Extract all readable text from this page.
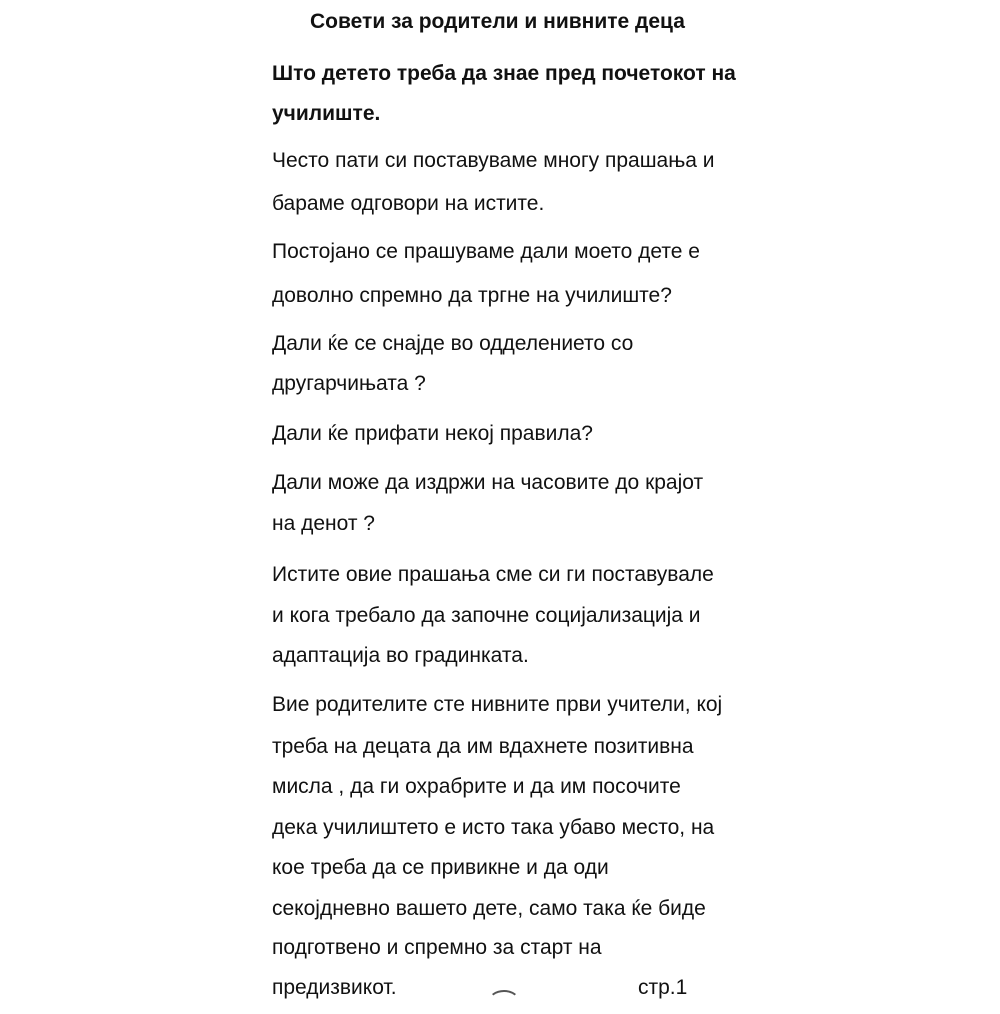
Совети за родители и нивните деца
Што детето треба да знае пред почетокот на
училиште.
Често пати си поставуваме многу прашања и
бараме одговори на истите.
Постојано се прашуваме дали моето дете е
доволно спремно да тргне на училиште?
Дали ќе се снајде во одделението со
другарчињата ?
Дали ќе прифати некој правила?
Дали може да издржи на часовите до крајот
на денот ?
Истите овие прашања сме си ги поставувале
и кога требало да започне социјализација и
адаптација во градинката.
Вие родителите сте нивните први учители, кој
треба на децата да им вдахнете позитивна
мисла , да ги охрабрите и да им посочите
дека училиштето е исто така убаво место, на
кое треба да се привикне и да оди
секојдневно вашето дете, само така ќе биде
подготвено и спремно за старт на
предизвикот.	стр.1
